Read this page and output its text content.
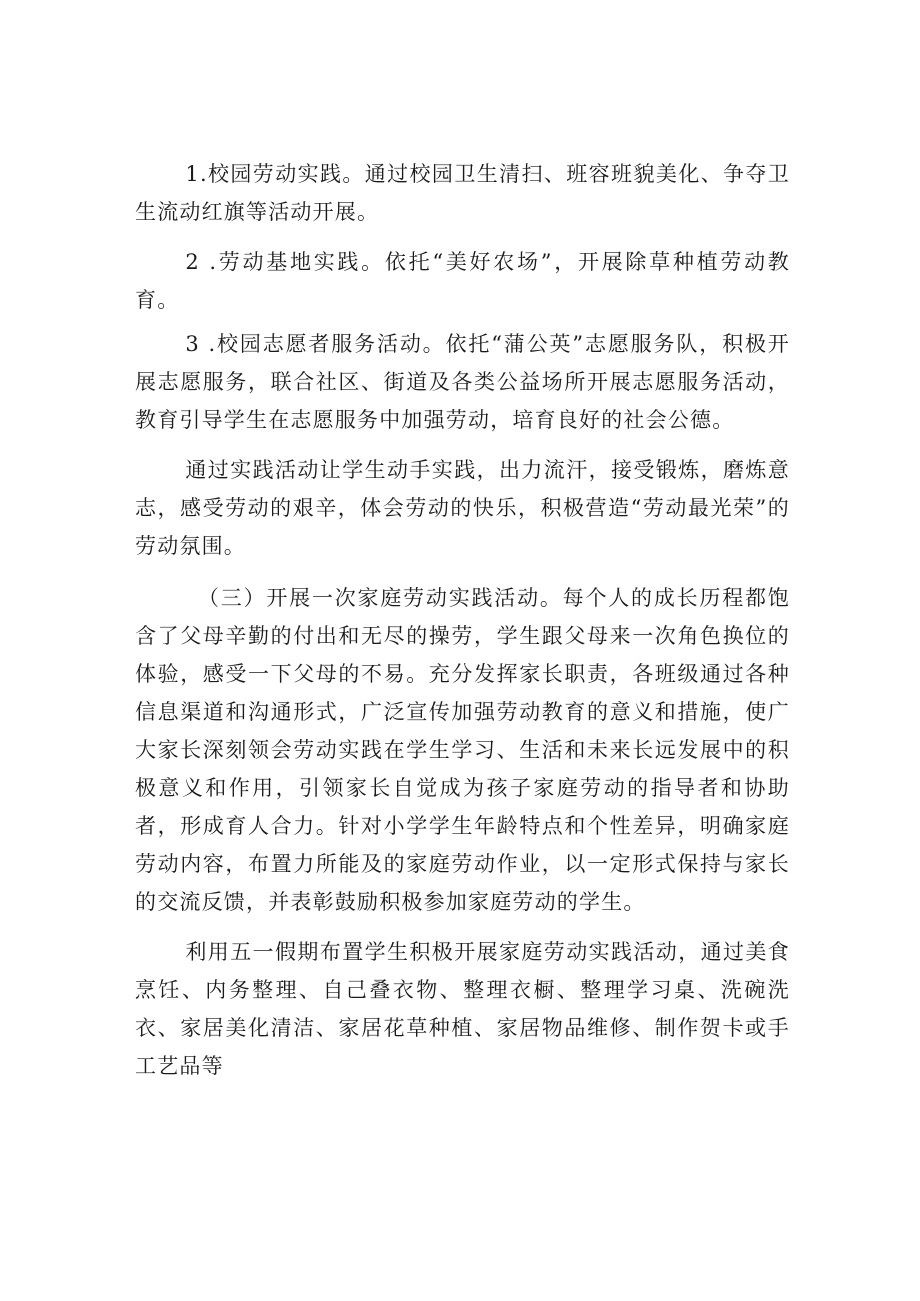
1.校园劳动实践。通过校园卫生清扫、班容班貌美化、争夺卫生流动红旗等活动开展。

2 .劳动基地实践。依托“美好农场”，开展除草种植劳动教育。

3 .校园志愿者服务活动。依托“蒲公英”志愿服务队，积极开展志愿服务，联合社区、街道及各类公益场所开展志愿服务活动，教育引导学生在志愿服务中加强劳动，培育良好的社会公德。

通过实践活动让学生动手实践，出力流汗，接受锻炼，磨炼意志，感受劳动的艰辛，体会劳动的快乐，积极营造“劳动最光荣”的劳动氛围。

（三）开展一次家庭劳动实践活动。每个人的成长历程都饱含了父母辛勤的付出和无尽的操劳，学生跟父母来一次角色换位的体验，感受一下父母的不易。充分发挥家长职责，各班级通过各种信息渠道和沟通形式，广泛宣传加强劳动教育的意义和措施，使广大家长深刻领会劳动实践在学生学习、生活和未来长远发展中的积极意义和作用，引领家长自觉成为孩子家庭劳动的指导者和协助者，形成育人合力。针对小学学生年龄特点和个性差异，明确家庭劳动内容，布置力所能及的家庭劳动作业，以一定形式保持与家长的交流反馈，并表彰鼓励积极参加家庭劳动的学生。

利用五一假期布置学生积极开展家庭劳动实践活动，通过美食烹饪、内务整理、自己叠衣物、整理衣橱、整理学习桌、洗碗洗衣、家居美化清洁、家居花草种植、家居物品维修、制作贺卡或手工艺品等
